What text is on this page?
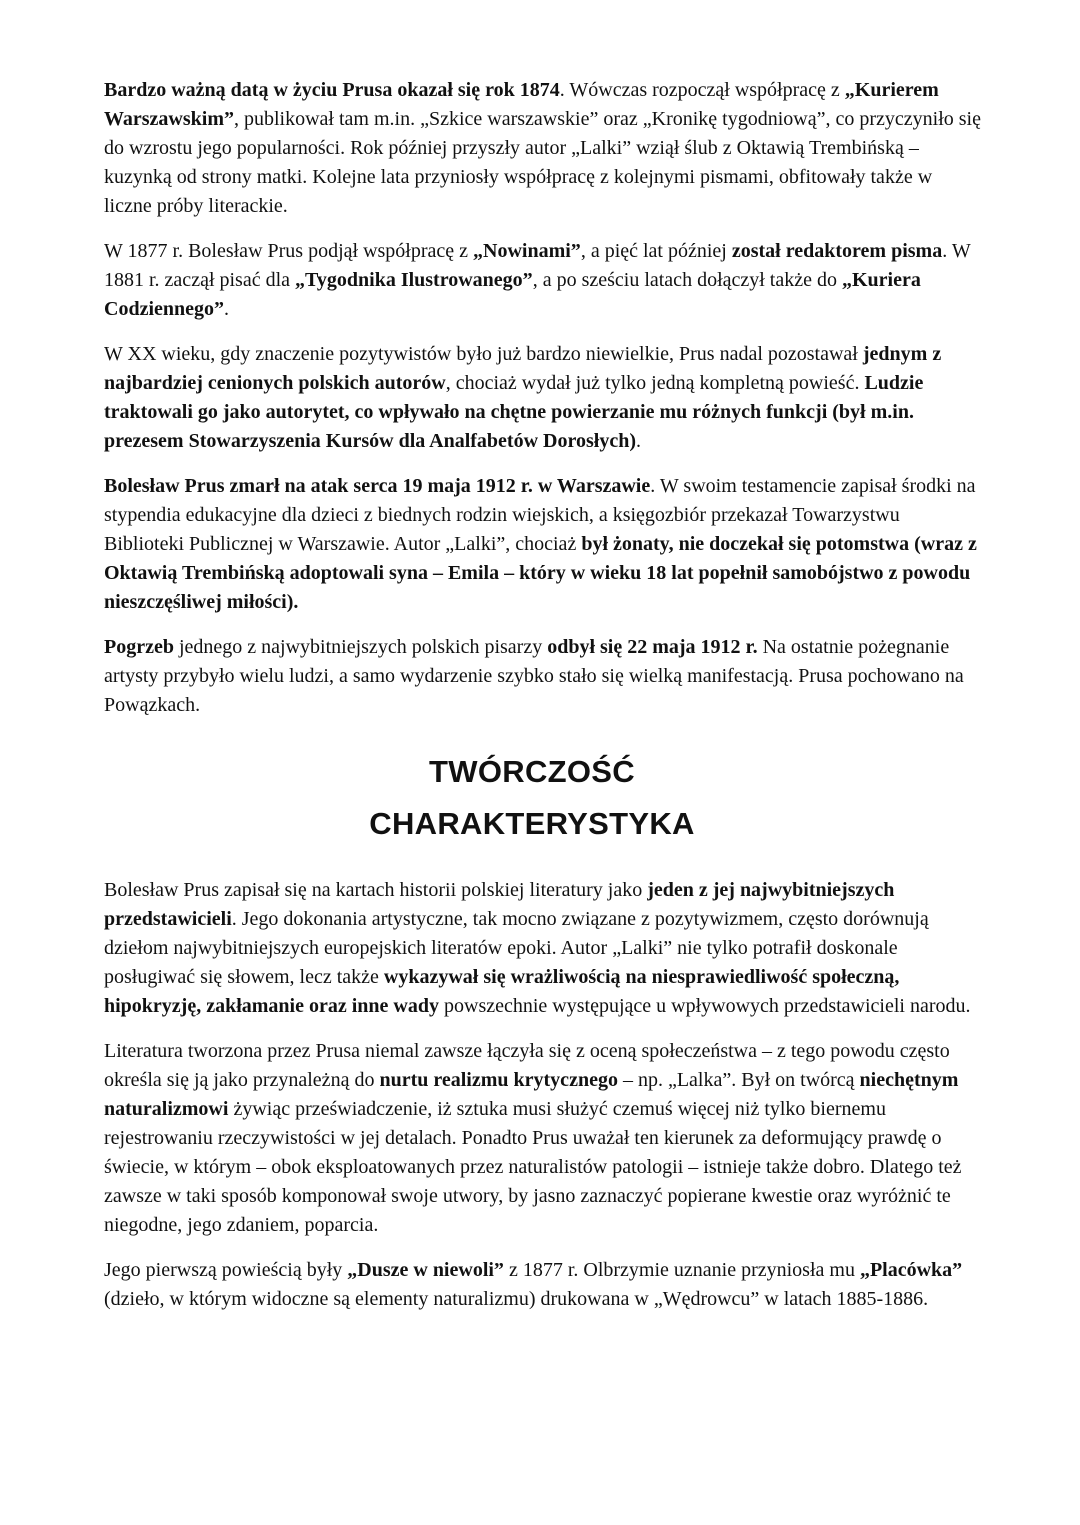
Bardzo ważną datą w życiu Prusa okazał się rok 1874. Wówczas rozpoczął współpracę z „Kurierem Warszawskim”, publikował tam m.in. „Szkice warszawskie” oraz „Kronikę tygodniową”, co przyczyniło się do wzrostu jego popularności. Rok później przyszły autor „Lalki” wziął ślub z Oktawią Trembińską – kuzynką od strony matki. Kolejne lata przyniosły współpracę z kolejnymi pismami, obfitowały także w liczne próby literackie.

W 1877 r. Bolesław Prus podjął współpracę z „Nowinami”, a pięć lat później został redaktorem pisma. W 1881 r. zaczął pisać dla „Tygodnika Ilustrowanego”, a po sześciu latach dołączył także do „Kuriera Codziennego”.

W XX wieku, gdy znaczenie pozytywistów było już bardzo niewielkie, Prus nadal pozostawał jednym z najbardziej cenionych polskich autorów, chociaż wydał już tylko jedną kompletną powieść. Ludzie traktowali go jako autorytet, co wpływało na chętne powierzanie mu różnych funkcji (był m.in. prezesem Stowarzyszenia Kursów dla Analfabetów Dorosłych).

Bolesław Prus zmarł na atak serca 19 maja 1912 r. w Warszawie. W swoim testamencie zapisał środki na stypendia edukacyjne dla dzieci z biednych rodzin wiejskich, a księgozbiór przekazał Towarzystwu Biblioteki Publicznej w Warszawie. Autor „Lalki”, chociaż był żonaty, nie doczekał się potomstwa (wraz z Oktawią Trembińską adoptowali syna – Emila – który w wieku 18 lat popełnił samobójstwo z powodu nieszczęśliwej miłości).

Pogrzeb jednego z najwybitniejszych polskich pisarzy odbył się 22 maja 1912 r. Na ostatnie pożegnanie artysty przybyło wielu ludzi, a samo wydarzenie szybko stało się wielką manifestacją. Prusa pochowano na Powązkach.

TWÓRCZOŚĆ
CHARAKTERYSTYKA

Bolesław Prus zapisał się na kartach historii polskiej literatury jako jeden z jej najwybitniejszych przedstawicieli. Jego dokonania artystyczne, tak mocno związane z pozytywizmem, często dorównują dziełom najwybitniejszych europejskich literatów epoki. Autor „Lalki” nie tylko potrafił doskonale posługiwać się słowem, lecz także wykazywał się wrażliwością na niesprawiedliwość społeczną, hipokryzję, zakłamanie oraz inne wady powszechnie występujące u wpływowych przedstawicieli narodu.

Literatura tworzona przez Prusa niemal zawsze łączyła się z oceną społeczeństwa – z tego powodu często określa się ją jako przynależną do nurtu realizmu krytycznego – np. „Lalka”. Był on twórcą niechętnym naturalizmowi żywiąc przeświadczenie, iż sztuka musi służyć czemuś więcej niż tylko biernemu rejestrowaniu rzeczywistości w jej detalach. Ponadto Prus uważał ten kierunek za deformujący prawdę o świecie, w którym – obok eksploatowanych przez naturalistów patologii – istnieje także dobro. Dlatego też zawsze w taki sposób komponował swoje utwory, by jasno zaznaczyć popierane kwestie oraz wyróżnić te niegodne, jego zdaniem, poparcia.

Jego pierwszą powieścią były „Dusze w niewoli” z 1877 r. Olbrzymie uznanie przyniosła mu „Placówka” (dzieło, w którym widoczne są elementy naturalizmu) drukowana w „Wędrowcu” w latach 1885-1886.
